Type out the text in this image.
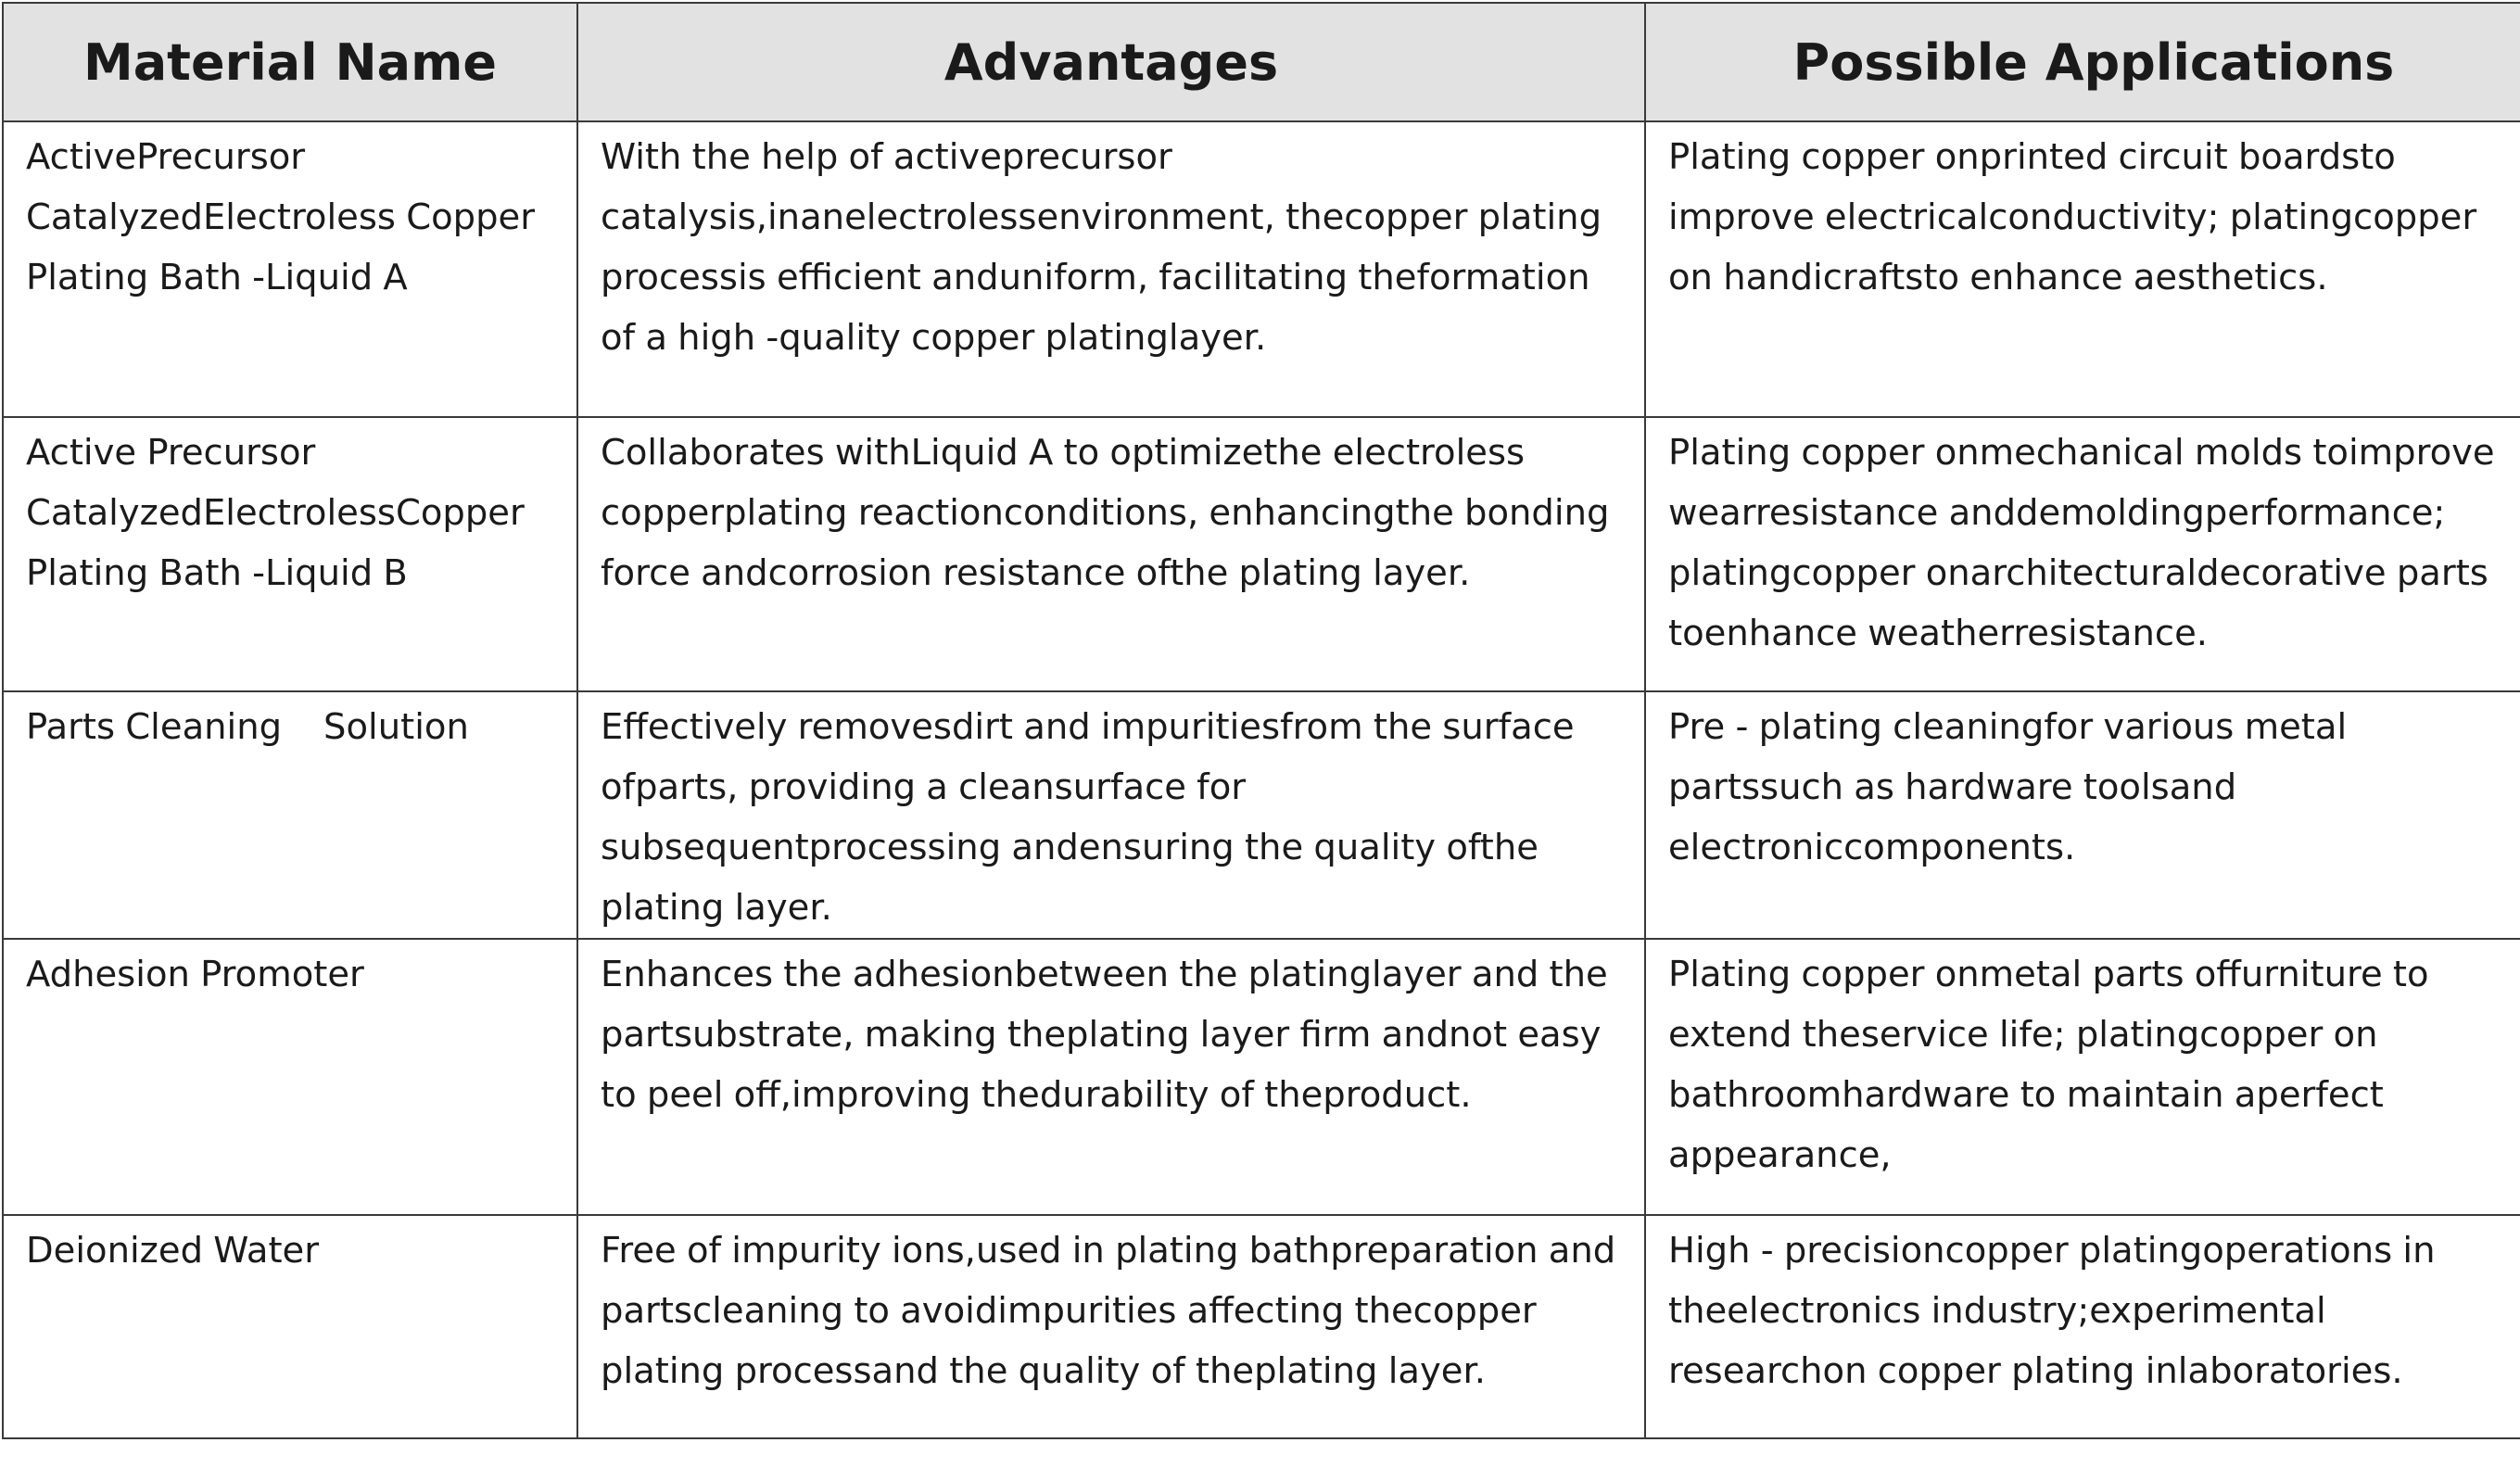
Material Name	Advantages	Possible Applications
ActivePrecursor CatalyzedElectroless Copper Plating Bath -Liquid A	With the help of activeprecursor catalysis,inanelectrolessenvironment, thecopper plating processis efficient anduniform, facilitating theformation of a high -quality copper platinglayer.	Plating copper onprinted circuit boardsto improve electricalconductivity; platingcopper on handicraftsto enhance aesthetics.
Active Precursor CatalyzedElectrolessCopper Plating Bath -Liquid B	Collaborates withLiquid A to optimizethe electroless copperplating reactionconditions, enhancingthe bonding force andcorrosion resistance ofthe plating layer.	Plating copper onmechanical molds toimprove wearresistance anddemoldingperformance; platingcopper onarchitecturaldecorative parts toenhance weatherresistance.
Parts Cleaning    Solution	Effectively removesdirt and impuritiesfrom the surface ofparts, providing a cleansurface for subsequentprocessing andensuring the quality ofthe plating layer.	Pre - plating cleaningfor various metal partssuch as hardware toolsand electroniccomponents.
Adhesion Promoter	Enhances the adhesionbetween the platinglayer and the partsubstrate, making theplating layer firm andnot easy to peel off,improving thedurability of theproduct.	Plating copper onmetal parts offurniture to extend theservice life; platingcopper on bathroomhardware to maintain aperfect appearance,
Deionized Water	Free of impurity ions,used in plating bathpreparation and partscleaning to avoidimpurities affecting thecopper plating processand the quality of theplating layer.	High - precisioncopper platingoperations in theelectronics industry;experimental researchon copper plating inlaboratories.
